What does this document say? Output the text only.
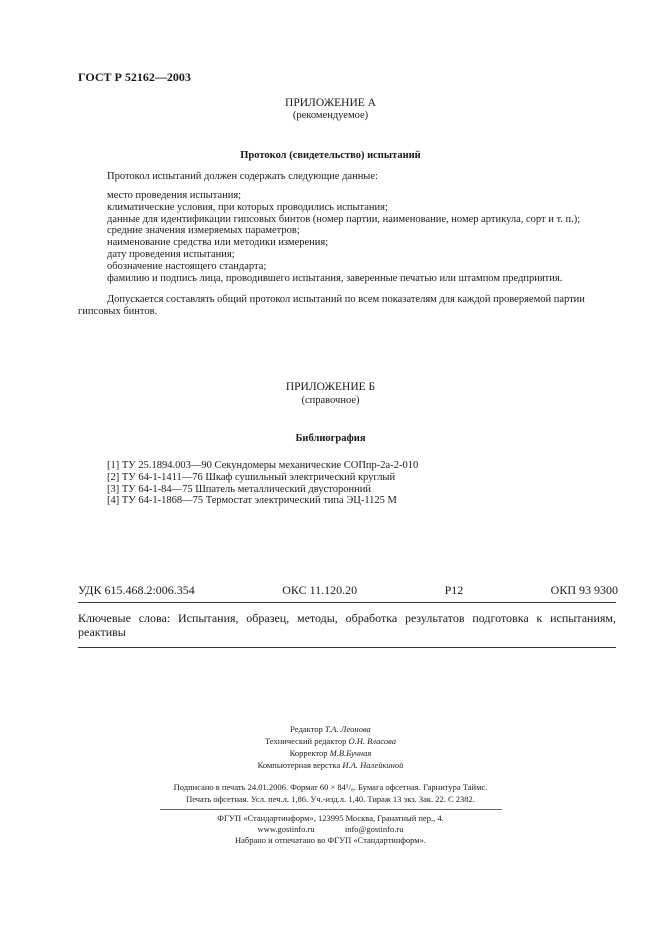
ГОСТ Р 52162—2003
ПРИЛОЖЕНИЕ А
(рекомендуемое)
Протокол (свидетельство) испытаний
Протокол испытаний должен содержать следующие данные:
место проведения испытания;
климатические условия, при которых проводились испытания;
данные для идентификации гипсовых бинтов (номер партии, наименование, номер артикула, сорт и т. п.);
средние значения измеряемых параметров;
наименование средства или методики измерения;
дату проведения испытания;
обозначение настоящего стандарта;
фамилию и подпись лица, проводившего испытания, заверенные печатью или штампом предприятия.
Допускается составлять общий протокол испытаний по всем показателям для каждой проверяемой партии гипсовых бинтов.
ПРИЛОЖЕНИЕ Б
(справочное)
Библиография
[1] ТУ 25.1894.003—90 Секундомеры механические СОПпр-2а-2-010
[2] ТУ 64-1-1411—76 Шкаф сушильный электрический круглый
[3] ТУ 64-1-84—75 Шпатель металлический двусторонний
[4] ТУ 64-1-1868—75 Термостат электрический типа ЭЦ-1125 М
УДК 615.468.2:006.354	ОКС 11.120.20	Р12	ОКП 93 9300
Ключевые слова: Испытания, образец, методы, обработка результатов подготовка к испытаниям, реактивы
Редактор Т.А. Леонова
Технический редактор О.Н. Власова
Корректор М.В.Бучная
Компьютерная верстка И.А. Налейкиной
Подписано в печать 24.01.2006. Формат 60 × 84¹/₈. Бумага офсетная. Гарнитура Таймс.
Печать офсетная. Усл. печ.л. 1,86. Уч.-изд.л. 1,40. Тираж 13 экз. Зак. 22. С 2382.
ФГУП «Стандартинформ», 123995 Москва, Гранатный пер., 4.
www.gostinfo.ru	info@gostinfo.ru
Набрано и отпечатано во ФГУП «Стандартинформ».
